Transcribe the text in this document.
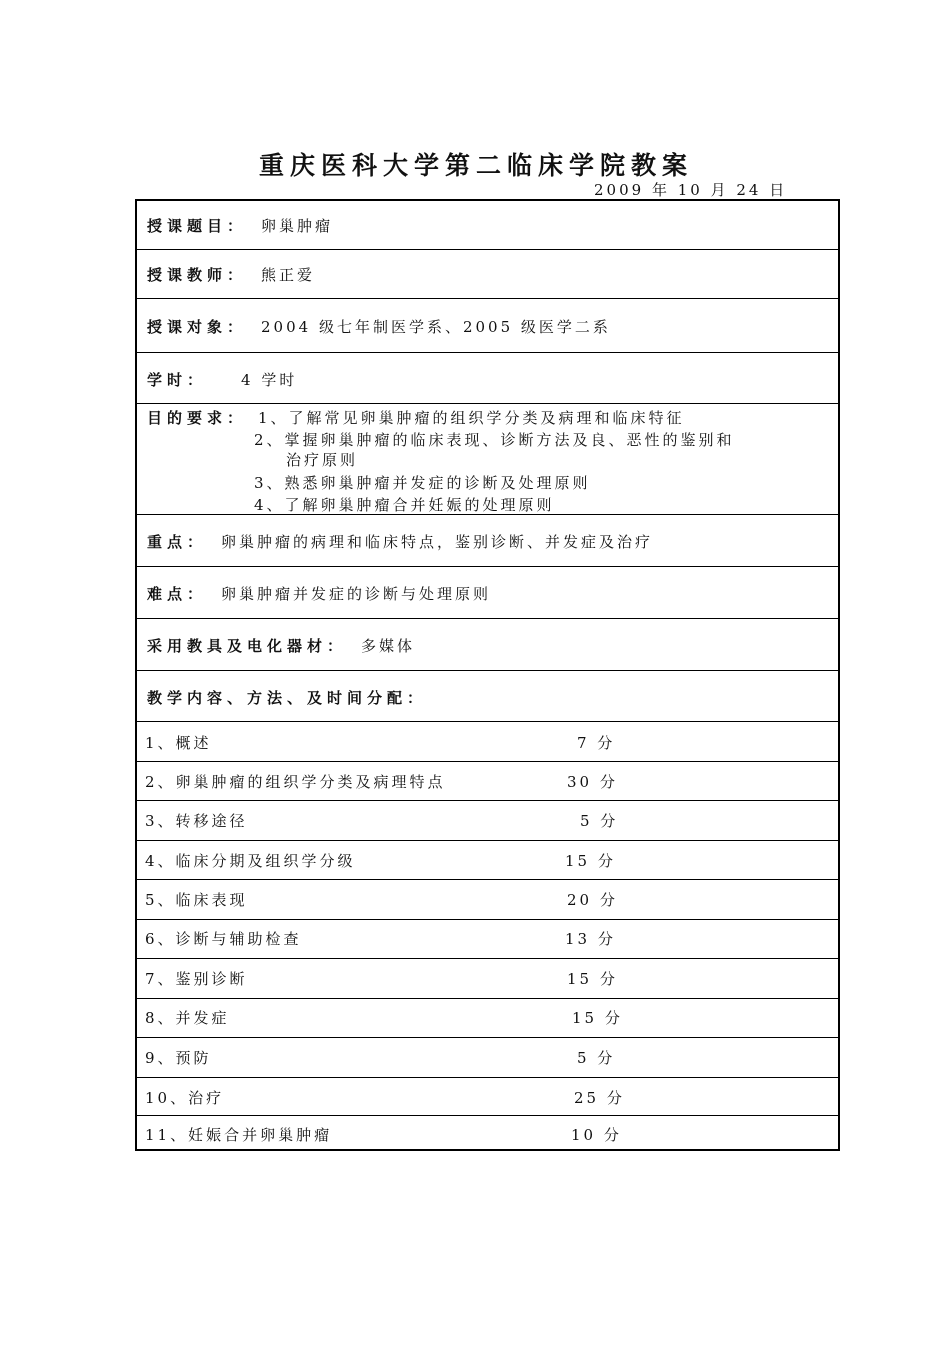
重庆医科大学第二临床学院教案
2009 年 10 月 24 日
授课题目： 卵巢肿瘤
授课教师： 熊正爱
授课对象： 2004 级七年制医学系、2005 级医学二系
学时： 4 学时
目的要求： 1、了解常见卵巢肿瘤的组织学分类及病理和临床特征
2、掌握卵巢肿瘤的临床表现、诊断方法及良、恶性的鉴别和
治疗原则
3、熟悉卵巢肿瘤并发症的诊断及处理原则
4、了解卵巢肿瘤合并妊娠的处理原则
重点： 卵巢肿瘤的病理和临床特点，鉴别诊断、并发症及治疗
难点： 卵巢肿瘤并发症的诊断与处理原则
采用教具及电化器材： 多媒体
教学内容、方法、及时间分配：
1、概述	7 分
2、卵巢肿瘤的组织学分类及病理特点	30 分
3、转移途径	5 分
4、临床分期及组织学分级	15 分
5、临床表现	20 分
6、诊断与辅助检查	13 分
7、鉴别诊断	15 分
8、并发症	15 分
9、预防	5 分
10、治疗	25 分
11、妊娠合并卵巢肿瘤	10 分
